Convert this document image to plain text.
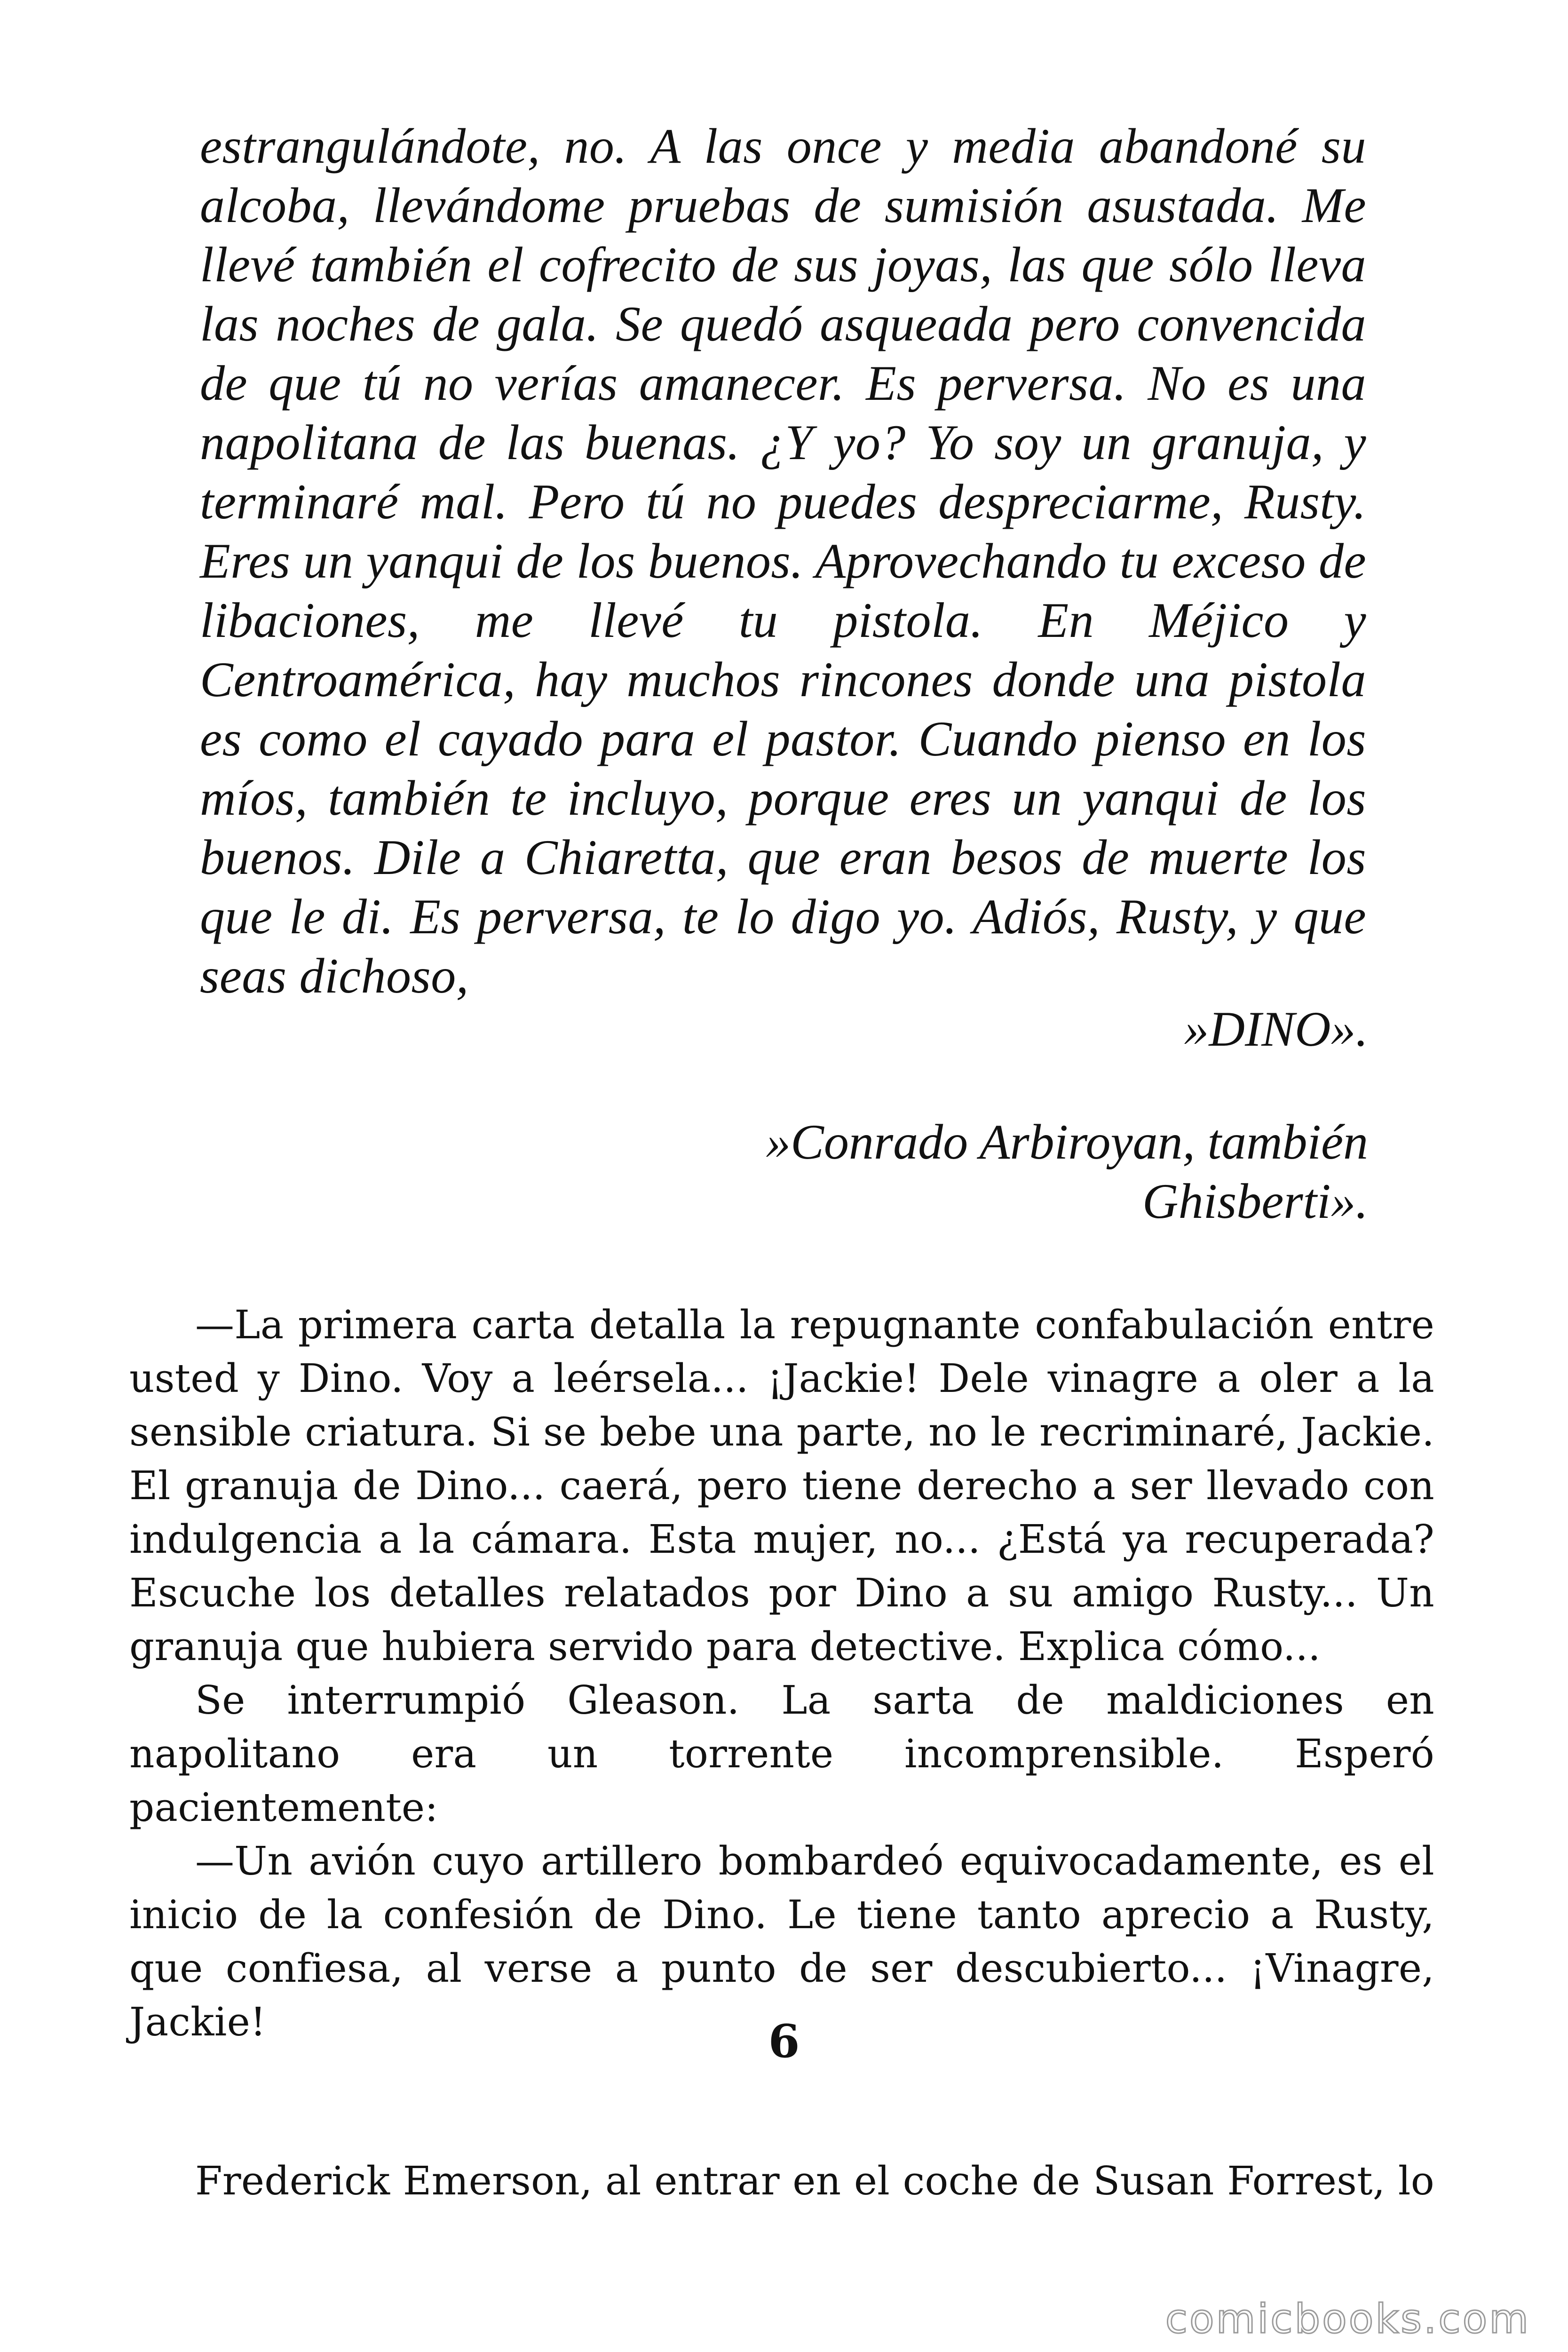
estrangulándote, no. A las once y media abandoné su alcoba, llevándome pruebas de sumisión asustada. Me llevé también el cofrecito de sus joyas, las que sólo lleva las noches de gala. Se quedó asqueada pero convencida de que tú no verías amanecer. Es perversa. No es una napolitana de las buenas. ¿Y yo? Yo soy un granuja, y terminaré mal. Pero tú no puedes despreciarme, Rusty. Eres un yanqui de los buenos. Aprovechando tu exceso de libaciones, me llevé tu pistola. En Méjico y Centroamérica, hay muchos rincones donde una pistola es como el cayado para el pastor. Cuando pienso en los míos, también te incluyo, porque eres un yanqui de los buenos. Dile a Chiaretta, que eran besos de muerte los que le di. Es perversa, te lo digo yo. Adiós, Rusty, y que seas dichoso,

»DINO».

»Conrado Arbiroyan, también

Ghisberti».

—La primera carta detalla la repugnante confabulación entre usted y Dino. Voy a leérsela... ¡Jackie! Dele vinagre a oler a la sensible criatura. Si se bebe una parte, no le recriminaré, Jackie. El granuja de Dino... caerá, pero tiene derecho a ser llevado con indulgencia a la cámara. Esta mujer, no... ¿Está ya recuperada? Escuche los detalles relatados por Dino a su amigo Rusty... Un granuja que hubiera servido para detective. Explica cómo...

Se interrumpió Gleason. La sarta de maldiciones en napolitano era un torrente incomprensible. Esperó pacientemente:

—Un avión cuyo artillero bombardeó equivocadamente, es el inicio de la confesión de Dino. Le tiene tanto aprecio a Rusty, que confiesa, al verse a punto de ser descubierto... ¡Vinagre, Jackie!	6

Frederick Emerson, al entrar en el coche de Susan Forrest, lo

comicbooks.com
